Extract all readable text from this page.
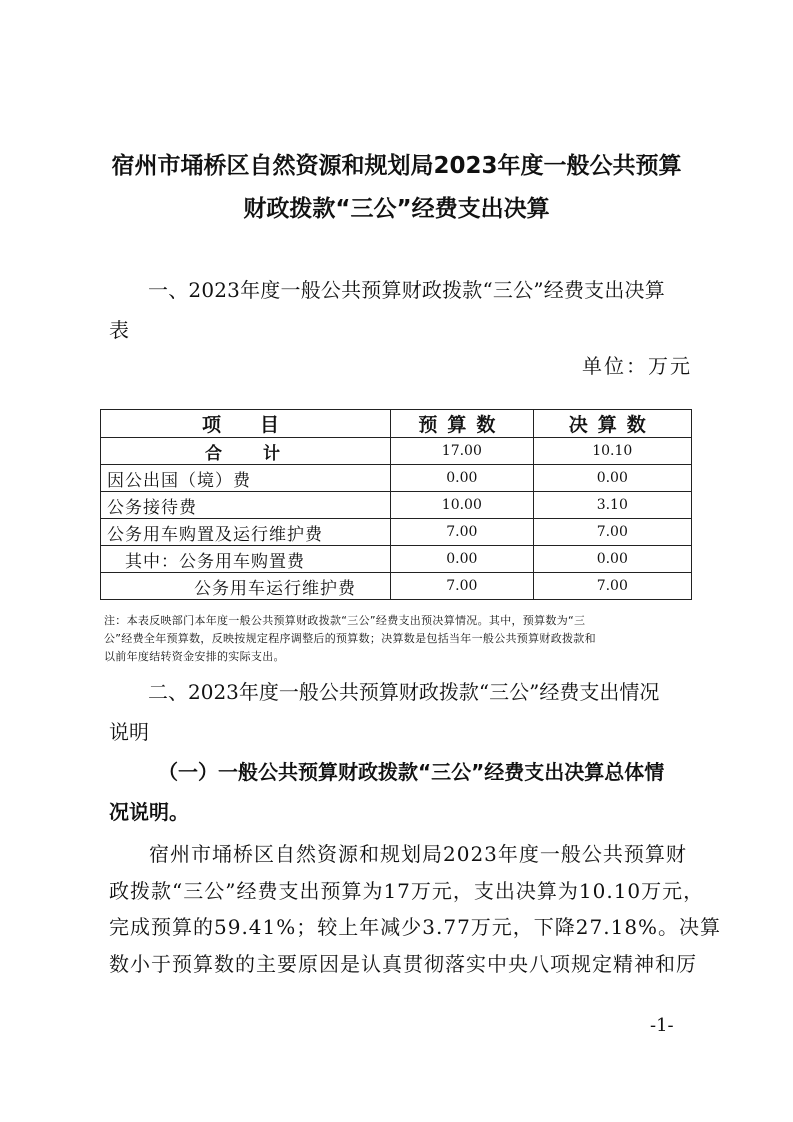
宿州市埇桥区自然资源和规划局2023年度一般公共预算
财政拨款“三公”经费支出决算
一、2023年度一般公共预算财政拨款“三公”经费支出决算
表
单位：万元
项　目	预算数	决算数
合　计	17.00	10.10
因公出国（境）费	0.00	0.00
公务接待费	10.00	3.10
公务用车购置及运行维护费	7.00	7.00
其中：公务用车购置费	0.00	0.00
公务用车运行维护费	7.00	7.00
注：本表反映部门本年度一般公共预算财政拨款“三公”经费支出预决算情况。其中，预算数为“三
公”经费全年预算数，反映按规定程序调整后的预算数；决算数是包括当年一般公共预算财政拨款和
以前年度结转资金安排的实际支出。
二、2023年度一般公共预算财政拨款“三公”经费支出情况
说明
（一）一般公共预算财政拨款“三公”经费支出决算总体情
况说明。
宿州市埇桥区自然资源和规划局2023年度一般公共预算财
政拨款“三公”经费支出预算为17万元，支出决算为10.10万元，
完成预算的59.41%；较上年减少3.77万元，下降27.18%。决算
数小于预算数的主要原因是认真贯彻落实中央八项规定精神和厉
-1-
